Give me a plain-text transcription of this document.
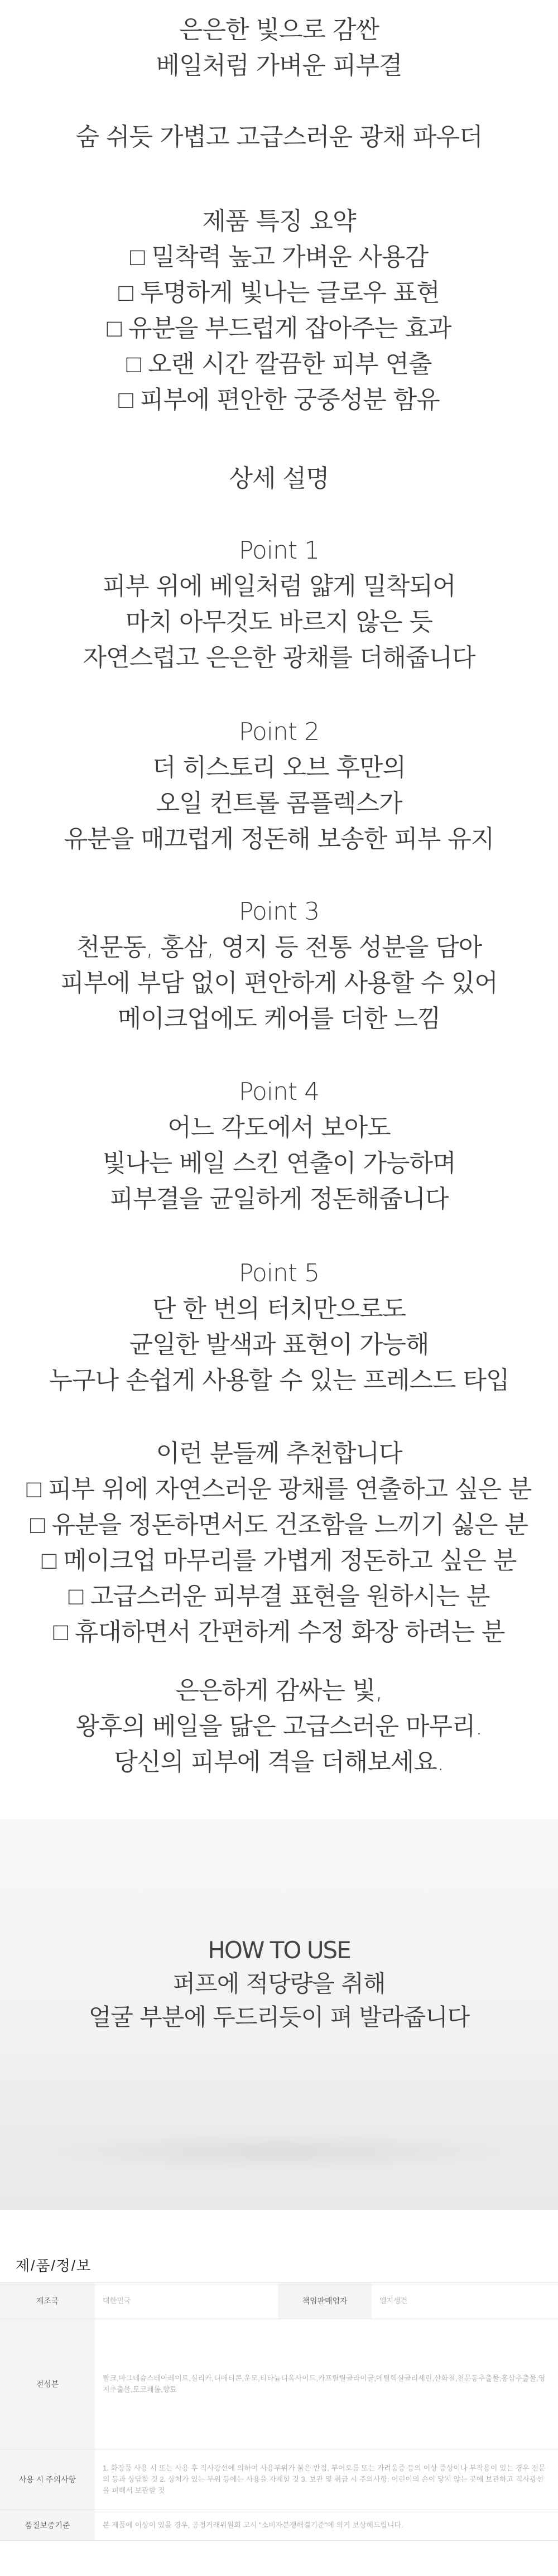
은은한 빛으로 감싼
베일처럼 가벼운 피부결
숨 쉬듯 가볍고 고급스러운 광채 파우더
제품 특징 요약
□ 밀착력 높고 가벼운 사용감
□ 투명하게 빛나는 글로우 표현
□ 유분을 부드럽게 잡아주는 효과
□ 오랜 시간 깔끔한 피부 연출
□ 피부에 편안한 궁중성분 함유
상세 설명
Point 1
피부 위에 베일처럼 얇게 밀착되어
마치 아무것도 바르지 않은 듯
자연스럽고 은은한 광채를 더해줍니다
Point 2
더 히스토리 오브 후만의
오일 컨트롤 콤플렉스가
유분을 매끄럽게 정돈해 보송한 피부 유지
Point 3
천문동, 홍삼, 영지 등 전통 성분을 담아
피부에 부담 없이 편안하게 사용할 수 있어
메이크업에도 케어를 더한 느낌
Point 4
어느 각도에서 보아도
빛나는 베일 스킨 연출이 가능하며
피부결을 균일하게 정돈해줍니다
Point 5
단 한 번의 터치만으로도
균일한 발색과 표현이 가능해
누구나 손쉽게 사용할 수 있는 프레스드 타입
이런 분들께 추천합니다
□ 피부 위에 자연스러운 광채를 연출하고 싶은 분
□ 유분을 정돈하면서도 건조함을 느끼기 싫은 분
□ 메이크업 마무리를 가볍게 정돈하고 싶은 분
□ 고급스러운 피부결 표현을 원하시는 분
□ 휴대하면서 간편하게 수정 화장 하려는 분
은은하게 감싸는 빛,
왕후의 베일을 닮은 고급스러운 마무리.
당신의 피부에 격을 더해보세요.
HOW TO USE
퍼프에 적당량을 취해
얼굴 부분에 두드리듯이 펴 발라줍니다
제/품/정/보
제조국	대한민국	책임판매업자	엘지생건
전성분	탈크,마그네슘스테아레이트,실리카,디메티콘,운모,티타늄디옥사이드,카프릴릴글라이콜,에틸헥실글리세린,산화철,천문동추출물,홍삼추출물,영지추출물,토코페롤,향료		
사용 시 주의사항	1. 화장품 사용 시 또는 사용 후 직사광선에 의하여 사용부위가 붉은 반점, 부어오름 또는 가려움증 등의 이상 증상이나 부작용이 있는 경우 전문의 등과 상담할 것 2. 상처가 있는 부위 등에는 사용을 자제할 것 3. 보관 및 취급 시 주의사항: 어린이의 손이 닿지 않는 곳에 보관하고 직사광선을 피해서 보관할 것		
품질보증기준	본 제품에 이상이 있을 경우, 공정거래위원회 고시 "소비자분쟁해결기준"에 의거 보상해드립니다.		
